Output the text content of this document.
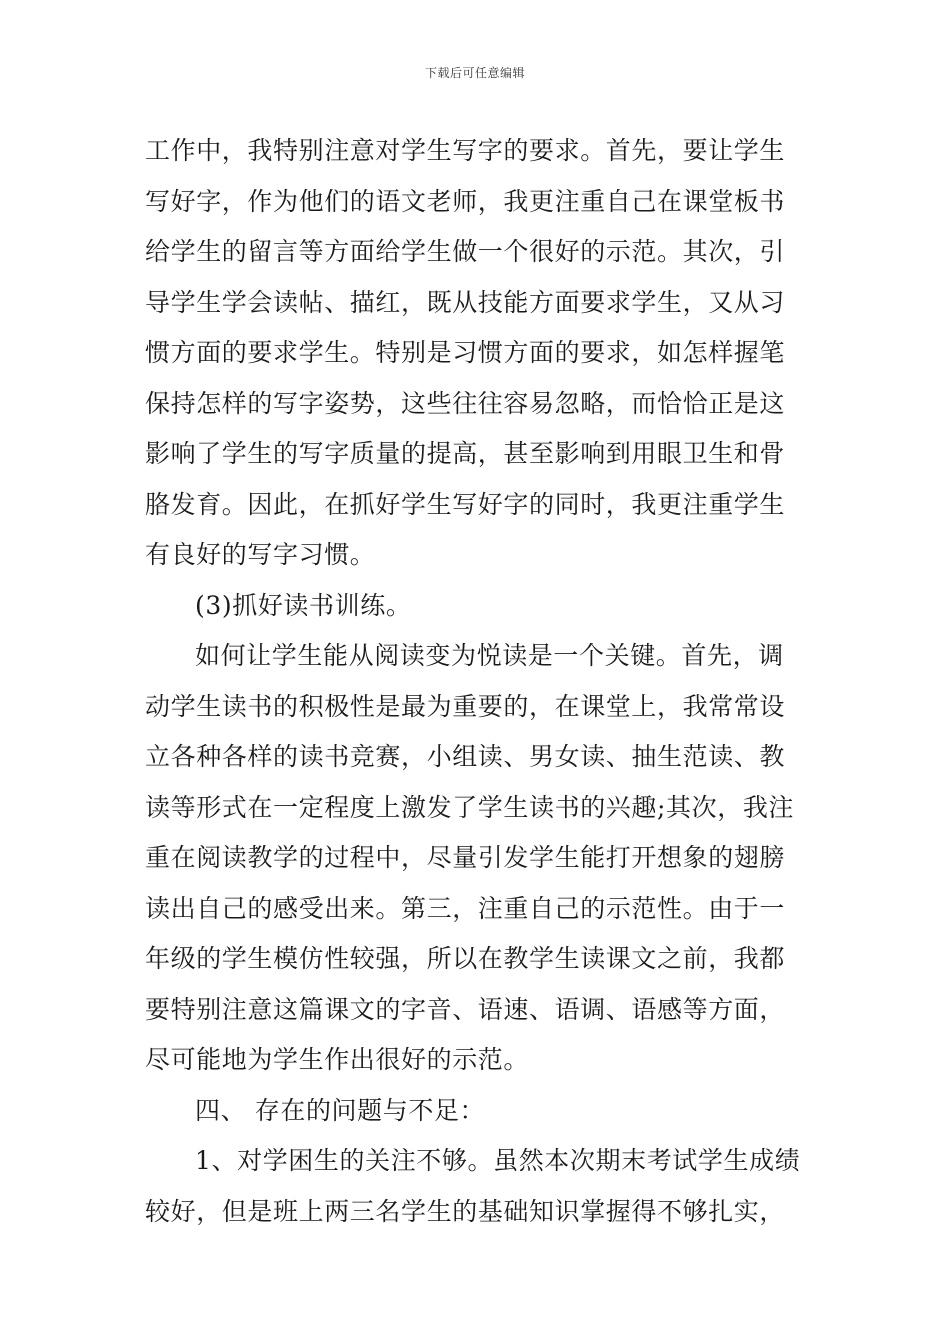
下载后可任意编辑
工作中，我特别注意对学生写字的要求。首先，要让学生
写好字，作为他们的语文老师，我更注重自己在课堂板书
给学生的留言等方面给学生做一个很好的示范。其次，引
导学生学会读帖、描红，既从技能方面要求学生，又从习
惯方面的要求学生。特别是习惯方面的要求，如怎样握笔
保持怎样的写字姿势，这些往往容易忽略，而恰恰正是这
影响了学生的写字质量的提高，甚至影响到用眼卫生和骨
胳发育。因此，在抓好学生写好字的同时，我更注重学生
有良好的写字习惯。
(3)抓好读书训练。
如何让学生能从阅读变为悦读是一个关键。首先，调
动学生读书的积极性是最为重要的，在课堂上，我常常设
立各种各样的读书竞赛，小组读、男女读、抽生范读、教
读等形式在一定程度上激发了学生读书的兴趣;其次，我注
重在阅读教学的过程中，尽量引发学生能打开想象的翅膀
读出自己的感受出来。第三，注重自己的示范性。由于一
年级的学生模仿性较强，所以在教学生读课文之前，我都
要特别注意这篇课文的字音、语速、语调、语感等方面，
尽可能地为学生作出很好的示范。
四、 存在的问题与不足：
1、对学困生的关注不够。虽然本次期末考试学生成绩
较好，但是班上两三名学生的基础知识掌握得不够扎实，
